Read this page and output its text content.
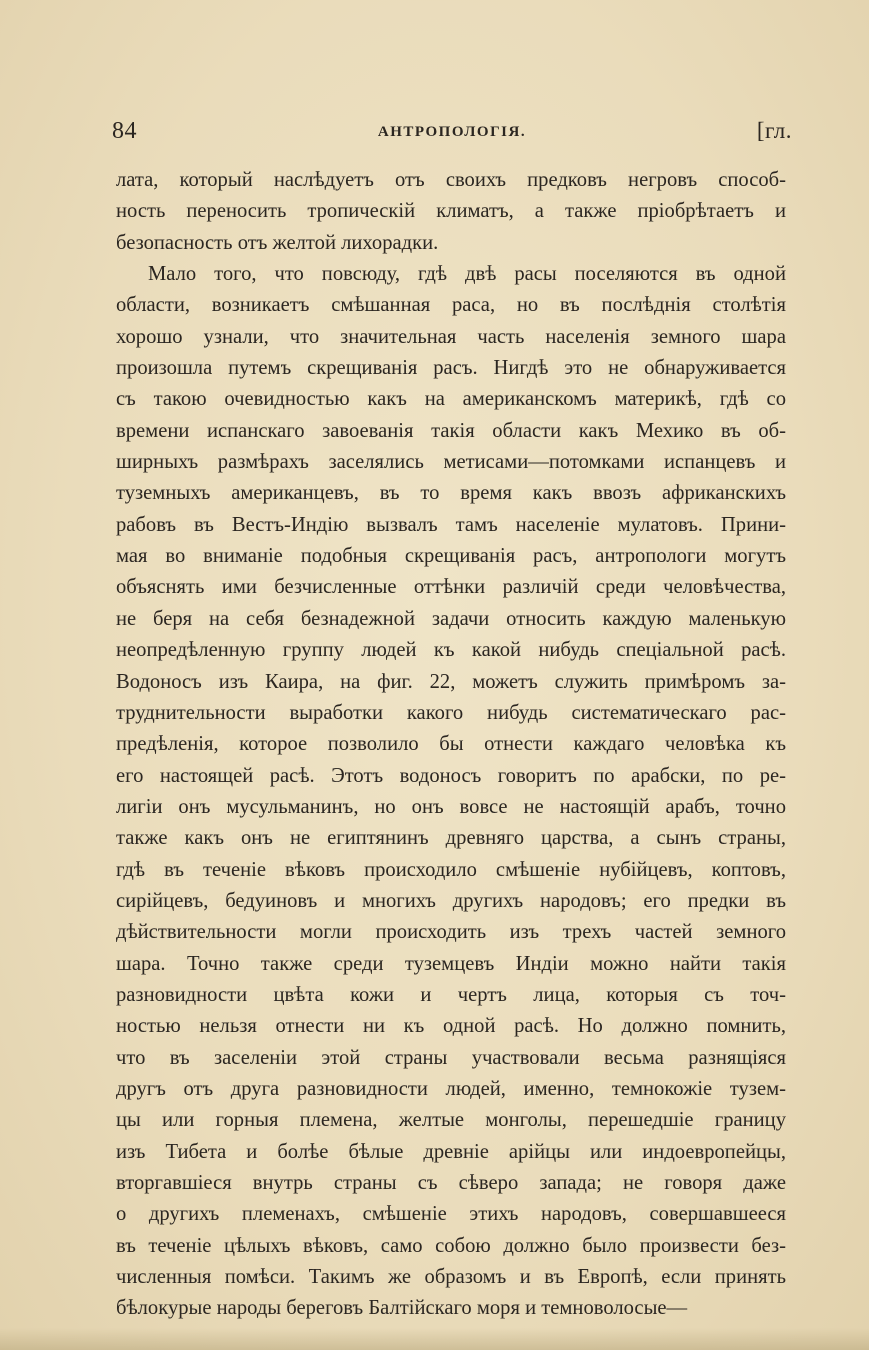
84	АНТРОПОЛОГІЯ.	[гл.
лата, который наслѣдуетъ отъ своихъ предковъ негровъ способ-
ность переносить тропическій климатъ, а также пріобрѣтаетъ и
безопасность отъ желтой лихорадки.
Мало того, что повсюду, гдѣ двѣ расы поселяются въ одной
области, возникаетъ смѣшанная раса, но въ послѣднія столѣтія
хорошо узнали, что значительная часть населенія земного шара
произошла путемъ скрещиванія расъ. Нигдѣ это не обнаруживается
съ такою очевидностью какъ на американскомъ материкѣ, гдѣ со
времени испанскаго завоеванія такія области какъ Мехико въ об-
ширныхъ размѣрахъ заселялись метисами—потомками испанцевъ и
туземныхъ американцевъ, въ то время какъ ввозъ африканскихъ
рабовъ въ Вестъ-Индію вызвалъ тамъ населеніе мулатовъ. Прини-
мая во вниманіе подобныя скрещиванія расъ, антропологи могутъ
объяснять ими безчисленные оттѣнки различій среди человѣчества,
не беря на себя безнадежной задачи относить каждую маленькую
неопредѣленную группу людей къ какой нибудь спеціальной расѣ.
Водоносъ изъ Каира, на фиг. 22, можетъ служить примѣромъ за-
труднительности выработки какого нибудь систематическаго рас-
предѣленія, которое позволило бы отнести каждаго человѣка къ
его настоящей расѣ. Этотъ водоносъ говоритъ по арабски, по ре-
лигіи онъ мусульманинъ, но онъ вовсе не настоящій арабъ, точно
также какъ онъ не египтянинъ древняго царства, а сынъ страны,
гдѣ въ теченіе вѣковъ происходило смѣшеніе нубійцевъ, коптовъ,
сирійцевъ, бедуиновъ и многихъ другихъ народовъ; его предки въ
дѣйствительности могли происходить изъ трехъ частей земного
шара. Точно также среди туземцевъ Индіи можно найти такія
разновидности цвѣта кожи и чертъ лица, которыя съ точ-
ностью нельзя отнести ни къ одной расѣ. Но должно помнить,
что въ заселеніи этой страны участвовали весьма разнящіяся
другъ отъ друга разновидности людей, именно, темнокожіе тузем-
цы или горныя племена, желтые монголы, перешедшіе границу
изъ Тибета и болѣе бѣлые древніе арійцы или индоевропейцы,
вторгавшіеся внутрь страны съ сѣверо запада; не говоря даже
о другихъ племенахъ, смѣшеніе этихъ народовъ, совершавшееся
въ теченіе цѣлыхъ вѣковъ, само собою должно было произвести без-
численныя помѣси. Такимъ же образомъ и въ Европѣ, если принять
бѣлокурые народы береговъ Балтійскаго моря и темноволосые—
